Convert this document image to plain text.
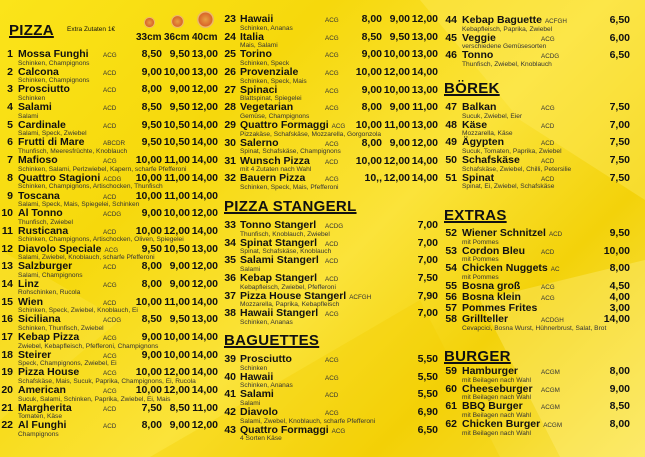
Extra Zutaten 1€
33cm 36cm 40cm
PIZZA
1 Mossa Funghi	ACG 8,50 9,50 13,00
Schinken, Champignons
2 Calcona	ACD 9,00 10,00 13,00
Schinken, Champignons
3 Prosciutto	ACD 8,00 9,00 12,00
Schinken
4 Salami	ACD 8,50 9,50 12,00
Salami
5 Cardinale	ACD 9,50 10,50 14,00
Salami, Speck, Zwiebel
6 Frutti di Mare	ABCDR 9,50 10,50 14,00
Thunfisch, Meeresfrüchte, Knoblauch
7 Mafioso	ACG 10,00 11,00 14,00
Schinken, Salami, Perlzwiebel, Kapern, scharfe Pfefferoni
8 Quattro Stagioni ACDG 10,00 11,00 14,00
Schinken, Champignons, Artischocken, Thunfisch
9 Toscana	ACD 10,00 11,00 14,00
Salami, Speck, Mais, Spiegelei, Schinken
10 Al Tonno	ACDG 9,00 10,00 12,00
Thunfisch, Zwiebel
11 Rusticana	ACD 10,00 12,00 14,00
Schinken, Champignons, Artischocken, Oliven, Spiegelei
12 Diavolo Speciale ACG 9,50 10,50 13,00
Salami, Zwiebel, Knoblauch, scharfe Pfefferoni
13 Salzburger	ACD 8,00 9,00 12,00
Salami, Champignons
14 Linz	ACG 8,00 9,00 12,00
Rohschinken, Rucola
15 Wien	ACD 10,00 11,00 14,00
Schinken, Speck, Zwiebel, Knoblauch, Ei
16 Siciliana	ACDG 8,50 9,50 13,00
Schinken, Thunfisch, Zwiebel
17 Kebap Pizza	ACG 9,00 10,00 14,00
Zwiebel, Kebapfleisch, Pfefferoni, Champignons
18 Steirer	ACG 9,00 10,00 14,00
Speck, Champignons, Zwiebel, Ei
19 Pizza House	ACG 10,00 12,00 14,00
Schafskäse, Mais, Sucuk, Paprika, Champignons, Ei, Rucola
20 American	ACG 10,00 12,00 14,00
Sucuk, Salami, Schinken, Paprika, Zwiebel, Ei, Mais
21 Margherita	ACD 7,50 8,50 11,00
Tomaten, Käse
22 Al Funghi	ACD 8,00 9,00 12,00
Champignons
23 Hawaii	ACG 8,00 9,00 12,00
Schinken, Ananas
24 Italia	ACG 8,50 9,50 13,00
Mais, Salami
25 Torino	ACG 9,00 10,00 13,00
Schinken, Speck
26 Provenziale	ACG 10,00 12,00 14,00
Schinken, Speck, Mais
27 Spinaci	ACG 9,00 10,00 13,00
Blattspinat, Spiegelei
28 Vegetarian	ACG 8,00 9,00 11,00
Gemüse, Champignons
29 Quattro Formaggi ACG 10,00 11,00 13,00
Pizzakäse, Schafskäse, Mozzarella, Gorgonzola
30 Salerno	ACG 8,00 9,00 12,00
Spinat, Schafskäse, Champignons
31 Wunsch Pizza	ACD 10,00 12,00 14,00
mit 4 Zutaten nach Wahl
32 Bauern Pizza	ACG 10,, 12,00 14,00
Schinken, Speck, Mais, Pfefferoni
PIZZA STANGERL
33 Tonno Stangerl	ACDG	7,00
Thunfisch, Knoblauch, Zwiebel
34 Spinat Stangerl	ACD	7,00
Spinat, Schafskäse, Knoblauch
35 Salami Stangerl ACD	7,00
Salami
36 Kebap Stangerl	ACD	7,50
Kebapfleisch, Zwiebel, Pfefferoni
37 Pizza House Stangerl ACFGH	7,90
Mozzarella, Paprika, Kebapfleisch
38 Hawaii Stangerl	ACG	7,00
Schinken, Ananas
BAGUETTES
39 Prosciutto	ACG	5,50
Schinken
40 Hawaii	ACG	5,50
Schinken, Ananas
41 Salami	ACD	5,50
Salami
42 Diavolo	ACG	6,90
Salami, Zwebel, Knoblauch, scharfe Pfefferoni
43 Quattro Formaggi ACG	6,50
4 Sorten Käse
44 Kebap Baguette ACFGH	6,50
Kebapfleisch, Paprika, Zwiebel
45 Veggie	ACG	6,00
verschiedene Gemüsesorten
46 Tonno	ACDG	6,50
Thunfisch, Zwiebel, Knoblauch
BÖREK
47 Balkan	ACG	7,50
Sucuk, Zwiebel, Eier
48 Käse	ACD	7,00
Mozzarella, Käse
49 Ägypten	ACD	7,50
Sucuk, Tomaten, Paprika, Zwiebel
50 Schafskäse	ACD	7,50
Schafskäse, Zwiebel, Chilli, Petersilie
51 Spinat	ACD	7,50
Spinat, Ei, Zwiebel, Schafskäse
EXTRAS
52 Wiener Schnitzel ACD	9,50
mit Pommes
53 Cordon Bleu	ACD	10,00
mit Pommes
54 Chicken Nuggets AC	8,00
mit Pommes
55 Bosna groß	ACG	4,50
56 Bosna klein	ACG	4,00
57 Pommes Frites	3,00
58 Grillteller	ACDGH	14,00
Cevapcici, Bosna Wurst, Hühnerbrust, Salat, Brot
BURGER
59 Hamburger	ACGM	8,00
mit Beilagen nach Wahl
60 Cheeseburger	ACGM	9,00
mit Beilagen nach Wahl
61 BBQ Burger	ACGM	8,50
mit Beilagen nach Wahl
62 Chicken Burger ACGM	8,00
mit Beilagen nach Wahl
